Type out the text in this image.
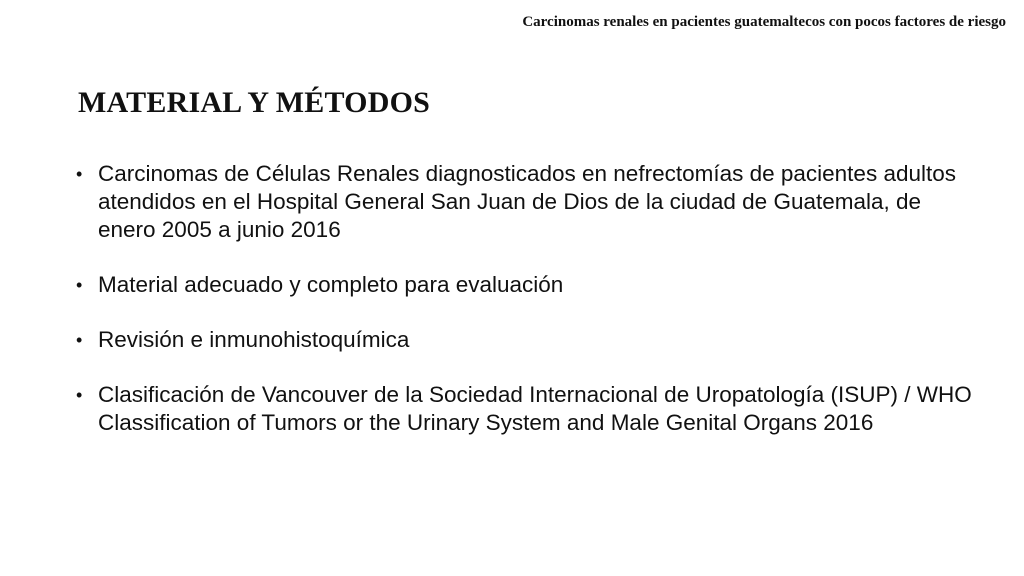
Carcinomas renales en pacientes guatemaltecos con pocos factores de riesgo
MATERIAL Y MÉTODOS
• Carcinomas de Células Renales diagnosticados en nefrectomías de pacientes adultos atendidos en el Hospital General San Juan de Dios de la ciudad de Guatemala, de enero 2005 a junio 2016
• Material adecuado y completo para evaluación
• Revisión e inmunohistoquímica
• Clasificación de Vancouver de la Sociedad Internacional de Uropatología (ISUP) / WHO Classification of Tumors or the Urinary System and Male Genital Organs 2016
